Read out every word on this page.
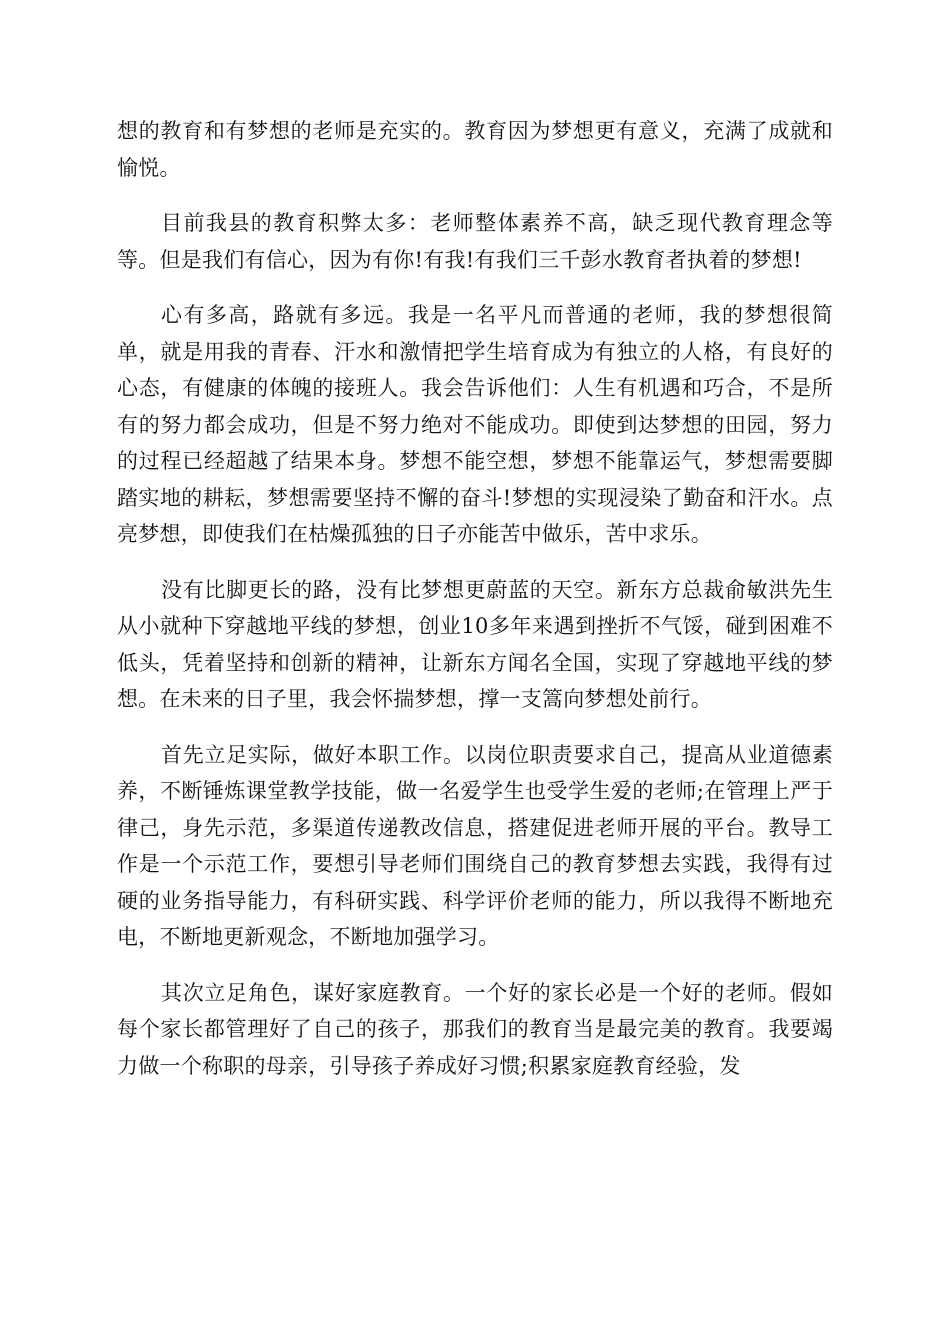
想的教育和有梦想的老师是充实的。教育因为梦想更有意义，充满了成就和愉悦。

目前我县的教育积弊太多：老师整体素养不高，缺乏现代教育理念等等。但是我们有信心，因为有你!有我!有我们三千彭水教育者执着的梦想!

心有多高，路就有多远。我是一名平凡而普通的老师，我的梦想很简单，就是用我的青春、汗水和激情把学生培育成为有独立的人格，有良好的心态，有健康的体魄的接班人。我会告诉他们：人生有机遇和巧合，不是所有的努力都会成功，但是不努力绝对不能成功。即使到达梦想的田园，努力的过程已经超越了结果本身。梦想不能空想，梦想不能靠运气，梦想需要脚踏实地的耕耘，梦想需要坚持不懈的奋斗!梦想的实现浸染了勤奋和汗水。点亮梦想，即使我们在枯燥孤独的日子亦能苦中做乐，苦中求乐。

没有比脚更长的路，没有比梦想更蔚蓝的天空。新东方总裁俞敏洪先生从小就种下穿越地平线的梦想，创业10多年来遇到挫折不气馁，碰到困难不低头，凭着坚持和创新的精神，让新东方闻名全国，实现了穿越地平线的梦想。在未来的日子里，我会怀揣梦想，撑一支篙向梦想处前行。

首先立足实际，做好本职工作。以岗位职责要求自己，提高从业道德素养，不断锤炼课堂教学技能，做一名爱学生也受学生爱的老师;在管理上严于律己，身先示范，多渠道传递教改信息，搭建促进老师开展的平台。教导工作是一个示范工作，要想引导老师们围绕自己的教育梦想去实践，我得有过硬的业务指导能力，有科研实践、科学评价老师的能力，所以我得不断地充电，不断地更新观念，不断地加强学习。

其次立足角色，谋好家庭教育。一个好的家长必是一个好的老师。假如每个家长都管理好了自己的孩子，那我们的教育当是最完美的教育。我要竭力做一个称职的母亲，引导孩子养成好习惯;积累家庭教育经验，发
